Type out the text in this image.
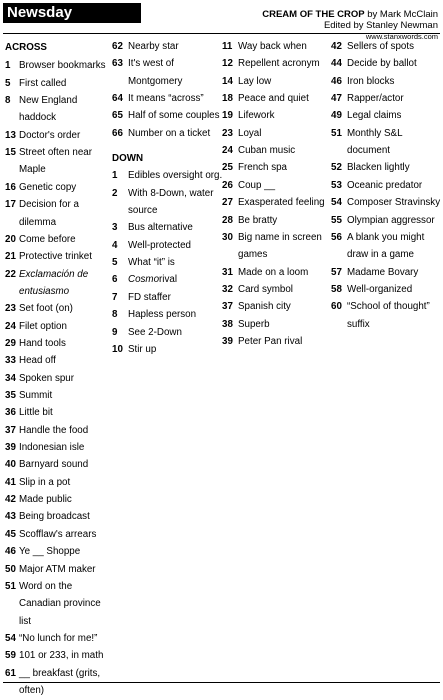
Newsday Crossword
CREAM OF THE CROP by Mark McClain
Edited by Stanley Newman
www.stanxwords.com
ACROSS
1 Browser bookmarks
5 First called
8 New England
haddock
13 Doctor's order
15 Street often near
Maple
16 Genetic copy
17 Decision for a
dilemma
20 Come before
21 Protective trinket
22 Exclamación de
entusiasmo
23 Set foot (on)
24 Filet option
29 Hand tools
33 Head off
34 Spoken spur
35 Summit
36 Little bit
37 Handle the food
39 Indonesian isle
40 Barnyard sound
41 Slip in a pot
42 Made public
43 Being broadcast
45 Scofflaw's arrears
46 Ye __ Shoppe
50 Major ATM maker
51 Word on the
Canadian province
list
54 “No lunch for me!”
59 101 or 233, in math
61 __ breakfast (grits,
often)
62 Nearby star
63 It's west of
Montgomery
64 It means “across”
65 Half of some couples
66 Number on a ticket
DOWN
1 Edibles oversight org.
2 With 8-Down, water
source
3 Bus alternative
4 Well-protected
5 What “it” is
6 Cosmorival
7 FD staffer
8 Hapless person
9 See 2-Down
10 Stir up
11 Way back when
12 Repellent acronym
14 Lay low
18 Peace and quiet
19 Lifework
23 Loyal
24 Cuban music
25 French spa
26 Coup __
27 Exasperated feeling
28 Be bratty
30 Big name in screen
games
31 Made on a loom
32 Card symbol
37 Spanish city
38 Superb
39 Peter Pan rival
42 Sellers of spots
44 Decide by ballot
46 Iron blocks
47 Rapper/actor
49 Legal claims
51 Monthly S&L
document
52 Blacken lightly
53 Oceanic predator
54 Composer Stravinsky
55 Olympian aggressor
56 A blank you might
draw in a game
57 Madame Bovary
58 Well-organized
60 “School of thought”
suffix
